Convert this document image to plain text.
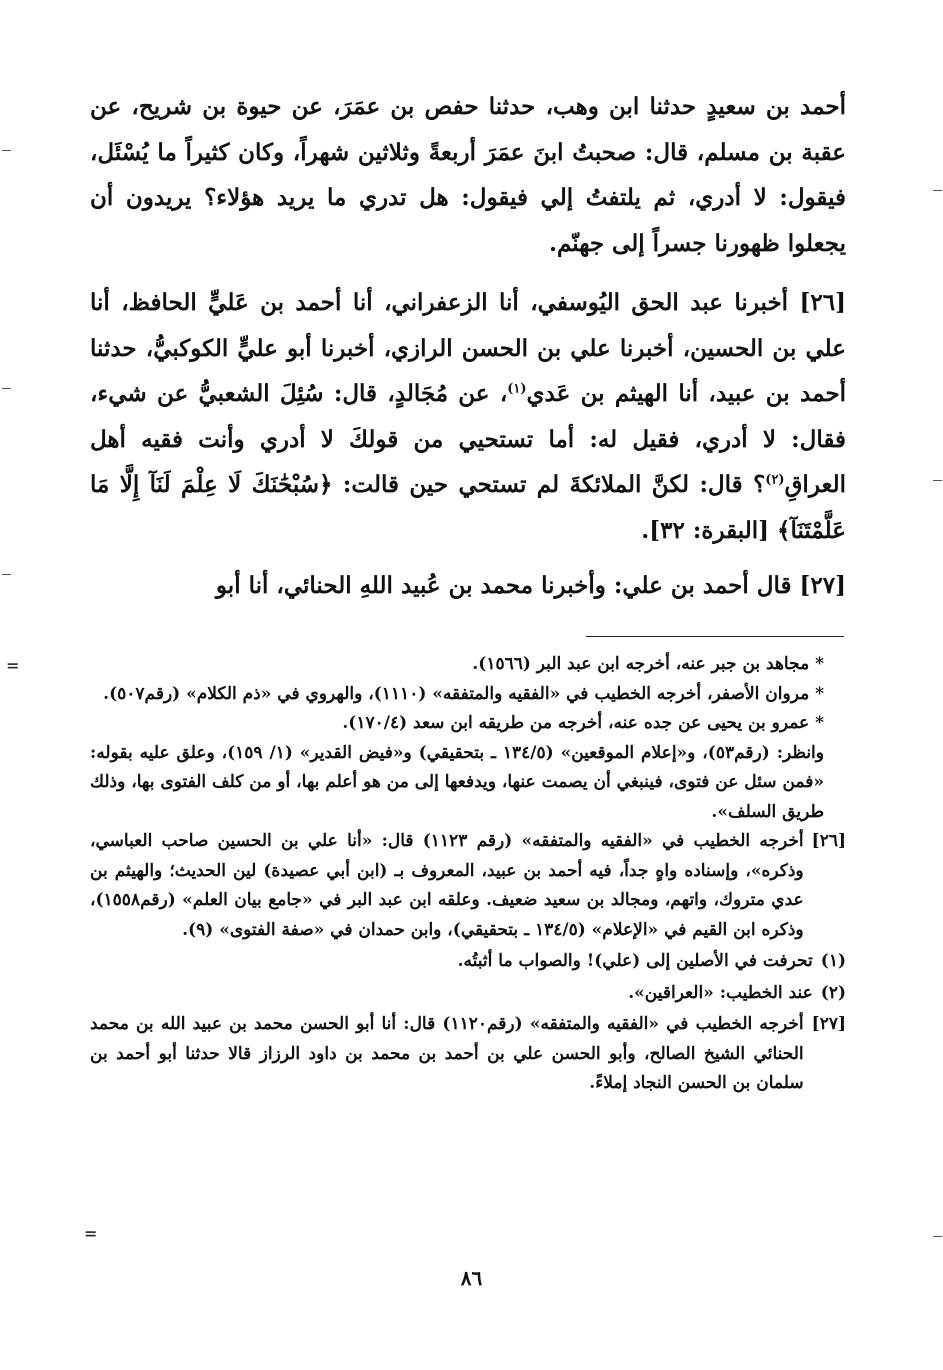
أحمد بن سعيدٍ حدثنا ابن وهب، حدثنا حفص بن عمَرَ، عن حيوة بن شريح، عن عقبة بن مسلم، قال: صحبتُ ابنَ عمَرَ أربعةً وثلاثين شهراً، وكان كثيراً ما يُسْئَل، فيقول: لا أدري، ثم يلتفتُ إلي فيقول: هل تدري ما يريد هؤلاء؟ يريدون أن يجعلوا ظهورنا جسراً إلى جهنّم.

[٢٦] أخبرنا عبد الحق اليُوسفي، أنا الزعفراني، أنا أحمد بن عَليٍّ الحافظ، أنا علي بن الحسين، أخبرنا علي بن الحسن الرازي، أخبرنا أبو عليٍّ الكوكبيُّ، حدثنا أحمد بن عبيد، أنا الهيثم بن عَدي$^{(١)}$، عن مُجَالدٍ، قال: سُئِلَ الشعبيُّ عن شيء، فقال: لا أدري، فقيل له: أما تستحيي من قولكَ لا أدري وأنت فقيه أهل العراقِ$^{(٢)}$؟ قال: لكنَّ الملائكةَ لم تستحي حين قالت: ﴿سُبْحَٰنَكَ لَا عِلْمَ لَنَآ إِلَّا مَا عَلَّمْتَنَآ﴾ [البقرة: ٣٢].

[٢٧] قال أحمد بن علي: وأخبرنا محمد بن عُبيد اللهِ الحنائي، أنا أبو

* مجاهد بن جبر عنه، أخرجه ابن عبد البر (١٥٦٦).

* مروان الأصفر، أخرجه الخطيب في «الفقيه والمتفقه» (١١١٠)، والهروي في «ذم الكلام» (رقم٥٠٧).

* عمرو بن يحيى عن جده عنه، أخرجه من طريقه ابن سعد (١٧٠/٤).

وانظر: (رقم٥٣)، و«إعلام الموقعين» (١٣٤/٥ ـ بتحقيقي) و«فيض القدير» (١/ ١٥٩)، وعلق عليه بقوله: «فمن سئل عن فتوى، فينبغي أن يصمت عنها، ويدفعها إلى من هو أعلم بها، أو من كلف الفتوى بها، وذلك طريق السلف».

[٢٦]
أخرجه الخطيب في «الفقيه والمتفقه» (رقم ١١٢٣) قال: «أنا علي بن الحسين صاحب العباسي، وذكره»، وإسناده واهٍ جداً، فيه أحمد بن عبيد، المعروف بـ (ابن أبي عصيدة) لين الحديث؛ والهيثم بن عدي متروك، واتهم، ومجالد بن سعيد ضعيف. وعلقه ابن عبد البر في «جامع بيان العلم» (رقم١٥٥٨)، وذكره ابن القيم في «الإعلام» (١٣٤/٥ ـ بتحقيقي)، وابن حمدان في «صفة الفتوى» (٩).
(١)
تحرفت في الأصلين إلى (علي)! والصواب ما أثبتُه.
(٢)
عند الخطيب: «العراقين».
[٢٧]
أخرجه الخطيب في «الفقيه والمتفقه» (رقم١١٢٠) قال: أنا أبو الحسن محمد بن عبيد الله بن محمد الحنائي الشيخ الصالح، وأبو الحسن علي بن أحمد بن محمد بن داود الرزاز قالا حدثنا أبو أحمد بن سلمان بن الحسن النجاد إملاءً.
=
=
٨٦
